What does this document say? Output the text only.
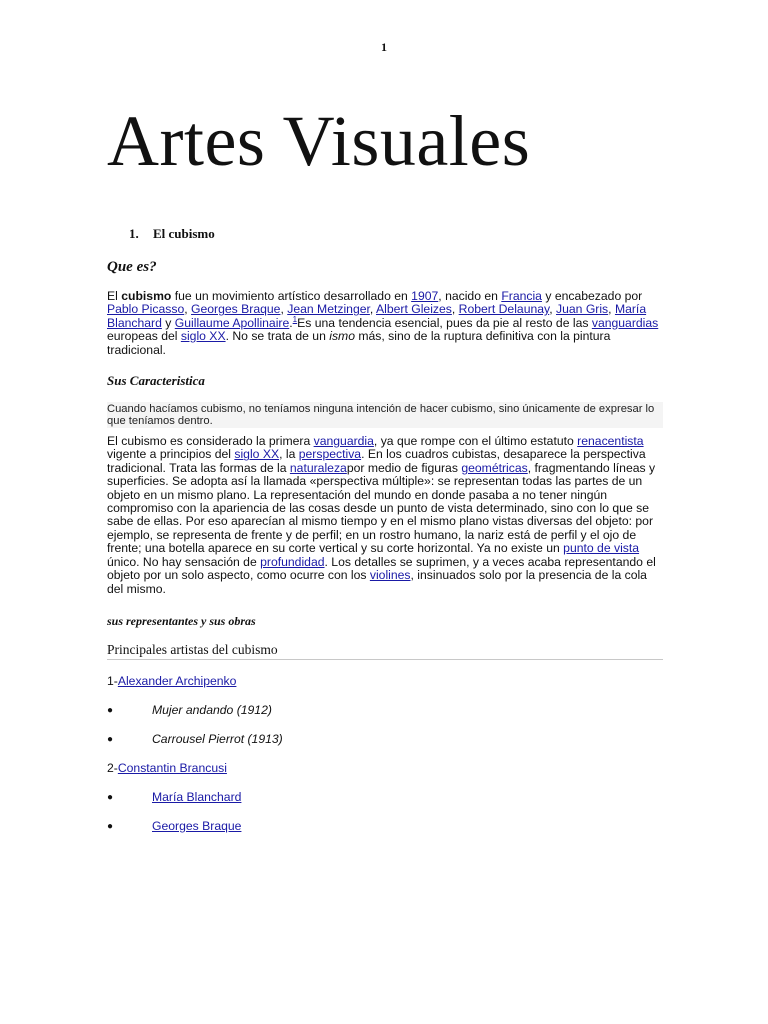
1
Artes Visuales
1. El cubismo
Que es?

El cubismo fue un movimiento artístico desarrollado en 1907, nacido en Francia y encabezado por Pablo Picasso, Georges Braque, Jean Metzinger, Albert Gleizes, Robert Delaunay, Juan Gris, María Blanchard y Guillaume Apollinaire.$^1$Es una tendencia esencial, pues da pie al resto de las vanguardias europeas del siglo XX. No se trata de un ismo más, sino de la ruptura definitiva con la pintura tradicional.

Sus Caracteristica
Cuando hacíamos cubismo, no teníamos ninguna intención de hacer cubismo, sino únicamente de expresar lo que teníamos dentro.

El cubismo es considerado la primera vanguardia, ya que rompe con el último estatuto renacentista vigente a principios del siglo XX, la perspectiva. En los cuadros cubistas, desaparece la perspectiva tradicional. Trata las formas de la naturalezapor medio de figuras geométricas, fragmentando líneas y superficies. Se adopta así la llamada «perspectiva múltiple»: se representan todas las partes de un objeto en un mismo plano. La representación del mundo en donde pasaba a no tener ningún compromiso con la apariencia de las cosas desde un punto de vista determinado, sino con lo que se sabe de ellas. Por eso aparecían al mismo tiempo y en el mismo plano vistas diversas del objeto: por ejemplo, se representa de frente y de perfil; en un rostro humano, la nariz está de perfil y el ojo de frente; una botella aparece en su corte vertical y su corte horizontal. Ya no existe un punto de vista único. No hay sensación de profundidad. Los detalles se suprimen, y a veces acaba representando el objeto por un solo aspecto, como ocurre con los violines, insinuados solo por la presencia de la cola del mismo.

sus representantes y sus obras
Principales artistas del cubismo
1-Alexander Archipenko
●	Mujer andando (1912)
●	Carrousel Pierrot (1913)
2-Constantin Brancusi
●	María Blanchard
●	Georges Braque
